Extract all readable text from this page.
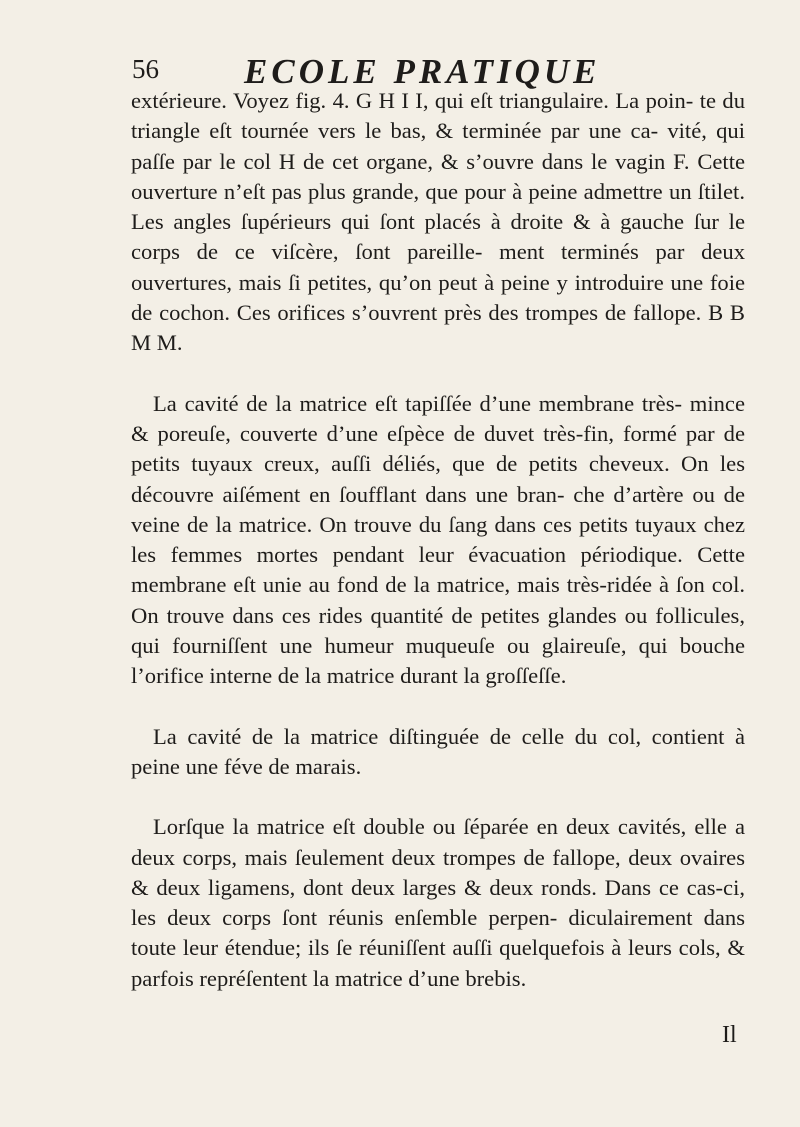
56 ECOLE PRATIQUE

extérieure. Voyez fig. 4. G H I I, qui eſt triangulaire. La poin- te du triangle eſt tournée vers le bas, & terminée par une ca- vité, qui paſſe par le col H de cet organe, & s’ouvre dans le vagin F. Cette ouverture n’eſt pas plus grande, que pour à peine admettre un ſtilet. Les angles ſupérieurs qui ſont placés à droite & à gauche ſur le corps de ce viſcère, ſont pareille- ment terminés par deux ouvertures, mais ſi petites, qu’on peut à peine y introduire une foie de cochon. Ces orifices s’ouvrent près des trompes de fallope. B B M M.

La cavité de la matrice eſt tapiſſée d’une membrane très- mince & poreuſe, couverte d’une eſpèce de duvet très-fin, formé par de petits tuyaux creux, auſſi déliés, que de petits cheveux. On les découvre aiſément en ſoufflant dans une bran- che d’artère ou de veine de la matrice. On trouve du ſang dans ces petits tuyaux chez les femmes mortes pendant leur évacuation périodique. Cette membrane eſt unie au fond de la matrice, mais très-ridée à ſon col. On trouve dans ces rides quantité de petites glandes ou follicules, qui fourniſſent une humeur muqueuſe ou glaireuſe, qui bouche l’orifice interne de la matrice durant la groſſeſſe.

La cavité de la matrice diſtinguée de celle du col, contient à peine une féve de marais.

Lorſque la matrice eſt double ou ſéparée en deux cavités, elle a deux corps, mais ſeulement deux trompes de fallope, deux ovaires & deux ligamens, dont deux larges & deux ronds. Dans ce cas-ci, les deux corps ſont réunis enſemble perpen- diculairement dans toute leur étendue; ils ſe réuniſſent auſſi quelquefois à leurs cols, & parfois repréſentent la matrice d’une brebis.

Il
